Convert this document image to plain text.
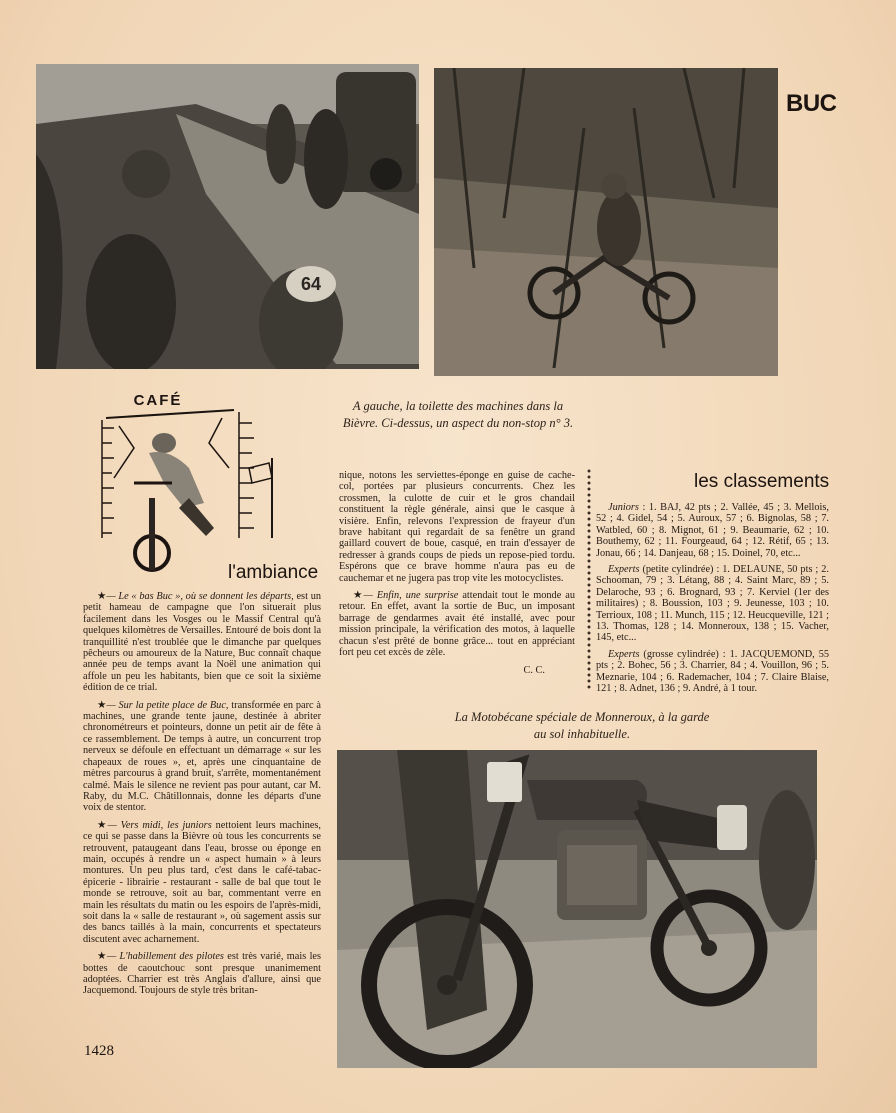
64
BUC
A gauche, la toilette des machines dans la Bièvre. Ci-dessus, un aspect du non-stop n° 3.
CAFÉ
l'ambiance

★— Le « bas Buc », où se donnent les départs, est un petit hameau de campagne que l'on situerait plus facilement dans les Vosges ou le Massif Central qu'à quelques kilomètres de Versailles. Entouré de bois dont la tranquillité n'est troublée que le dimanche par quelques pêcheurs ou amoureux de la Nature, Buc connaît chaque année peu de temps avant la Noël une animation qui affole un peu les habitants, bien que ce soit la sixième édition de ce trial.

★— Sur la petite place de Buc, transformée en parc à machines, une grande tente jaune, destinée à abriter chronométreurs et pointeurs, donne un petit air de fête à ce rassemblement. De temps à autre, un concurrent trop nerveux se défoule en effectuant un démarrage « sur les chapeaux de roues », et, après une cinquantaine de mètres parcourus à grand bruit, s'arrête, momentanément calmé. Mais le silence ne revient pas pour autant, car M. Raby, du M.C. Châtillonnais, donne les départs d'une voix de stentor.

★— Vers midi, les juniors nettoient leurs machines, ce qui se passe dans la Bièvre où tous les concurrents se retrouvent, pataugeant dans l'eau, brosse ou éponge en main, occupés à rendre un « aspect humain » à leurs montures. Un peu plus tard, c'est dans le café-tabac-épicerie - librairie - restaurant - salle de bal que tout le monde se retrouve, soit au bar, commentant verre en main les résultats du matin ou les espoirs de l'après-midi, soit dans la « salle de restaurant », où sagement assis sur des bancs taillés à la main, concurrents et spectateurs discutent avec acharnement.

★— L'habillement des pilotes est très varié, mais les bottes de caoutchouc sont presque unanimement adoptées. Charrier est très Anglais d'allure, ainsi que Jacquemond. Toujours de style très britan-

nique, notons les serviettes-éponge en guise de cache-col, portées par plusieurs concurrents. Chez les crossmen, la culotte de cuir et le gros chandail constituent la règle générale, ainsi que le casque à visière. Enfin, relevons l'expression de frayeur d'un brave habitant qui regardait de sa fenêtre un grand gaillard couvert de boue, casqué, en train d'essayer de redresser à grands coups de pieds un repose-pied tordu. Espérons que ce brave homme n'aura pas eu de cauchemar et ne jugera pas trop vite les motocyclistes.

★— Enfin, une surprise attendait tout le monde au retour. En effet, avant la sortie de Buc, un imposant barrage de gendarmes avait été installé, avec pour mission principale, la vérification des motos, à laquelle chacun s'est prêté de bonne grâce... tout en appréciant fort peu cet excès de zèle.

C. C.

les classements

Juniors : 1. BAJ, 42 pts ; 2. Vallée, 45 ; 3. Mellois, 52 ; 4. Gidel, 54 ; 5. Auroux, 57 ; 6. Bignolas, 58 ; 7. Watbled, 60 ; 8. Mignot, 61 ; 9. Beaumarie, 62 ; 10. Bouthemy, 62 ; 11. Fourgeaud, 64 ; 12. Rétif, 65 ; 13. Jonau, 66 ; 14. Danjeau, 68 ; 15. Doinel, 70, etc...

Experts (petite cylindrée) : 1. DELAUNE, 50 pts ; 2. Schooman, 79 ; 3. Létang, 88 ; 4. Saint Marc, 89 ; 5. Delaroche, 93 ; 6. Brognard, 93 ; 7. Kerviel (1er des militaires) ; 8. Boussion, 103 ; 9. Jeunesse, 103 ; 10. Terrioux, 108 ; 11. Munch, 115 ; 12. Heucqueville, 121 ; 13. Thomas, 128 ; 14. Monneroux, 138 ; 15. Vacher, 145, etc...

Experts (grosse cylindrée) : 1. JACQUEMOND, 55 pts ; 2. Bohec, 56 ; 3. Charrier, 84 ; 4. Vouillon, 96 ; 5. Meznarie, 104 ; 6. Rademacher, 104 ; 7. Claire Blaise, 121 ; 8. Adnet, 136 ; 9. André, à 1 tour.

La Motobécane spéciale de Monneroux, à la garde au sol inhabituelle.
1428
